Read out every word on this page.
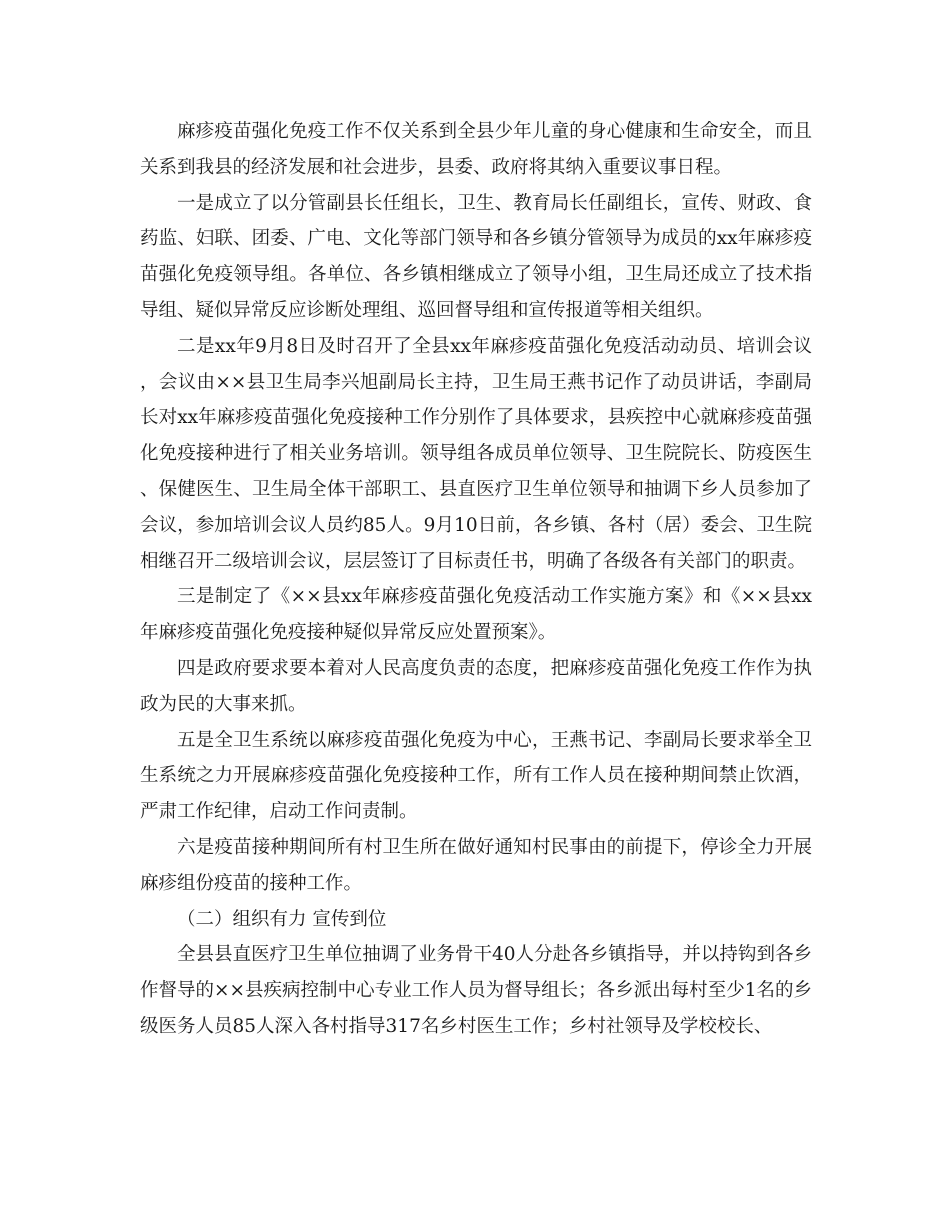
麻疹疫苗强化免疫工作不仅关系到全县少年儿童的身心健康和生命安全，而且关系到我县的经济发展和社会进步，县委、政府将其纳入重要议事日程。

一是成立了以分管副县长任组长，卫生、教育局长任副组长，宣传、财政、食药监、妇联、团委、广电、文化等部门领导和各乡镇分管领导为成员的xx年麻疹疫苗强化免疫领导组。各单位、各乡镇相继成立了领导小组，卫生局还成立了技术指导组、疑似异常反应诊断处理组、巡回督导组和宣传报道等相关组织。

二是xx年9月8日及时召开了全县xx年麻疹疫苗强化免疫活动动员、培训会议，会议由××县卫生局李兴旭副局长主持，卫生局王燕书记作了动员讲话，李副局长对xx年麻疹疫苗强化免疫接种工作分别作了具体要求，县疾控中心就麻疹疫苗强化免疫接种进行了相关业务培训。领导组各成员单位领导、卫生院院长、防疫医生、保健医生、卫生局全体干部职工、县直医疗卫生单位领导和抽调下乡人员参加了会议，参加培训会议人员约85人。9月10日前，各乡镇、各村（居）委会、卫生院相继召开二级培训会议，层层签订了目标责任书，明确了各级各有关部门的职责。

三是制定了《××县xx年麻疹疫苗强化免疫活动工作实施方案》和《××县xx年麻疹疫苗强化免疫接种疑似异常反应处置预案》。

四是政府要求要本着对人民高度负责的态度，把麻疹疫苗强化免疫工作作为执政为民的大事来抓。

五是全卫生系统以麻疹疫苗强化免疫为中心，王燕书记、李副局长要求举全卫生系统之力开展麻疹疫苗强化免疫接种工作，所有工作人员在接种期间禁止饮酒，严肃工作纪律，启动工作问责制。

六是疫苗接种期间所有村卫生所在做好通知村民事由的前提下，停诊全力开展麻疹组份疫苗的接种工作。

（二）组织有力 宣传到位

全县县直医疗卫生单位抽调了业务骨干40人分赴各乡镇指导，并以持钩到各乡作督导的××县疾病控制中心专业工作人员为督导组长；各乡派出每村至少1名的乡级医务人员85人深入各村指导317名乡村医生工作；乡村社领导及学校校长、
